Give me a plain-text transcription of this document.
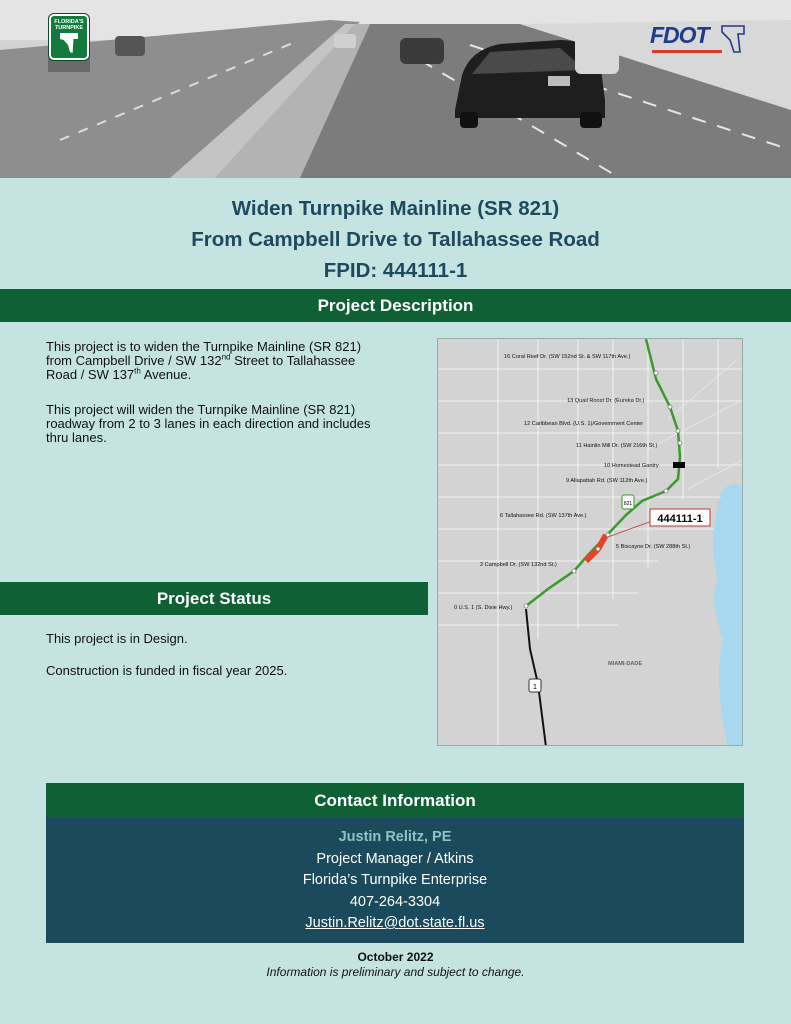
FLORIDA'S TURNPIKE	FDOT
Widen Turnpike Mainline (SR 821)
From Campbell Drive to Tallahassee Road
FPID: 444111-1
Project Description
This project is to widen the Turnpike Mainline (SR 821)
from Campbell Drive / SW 132nd Street to Tallahassee
Road / SW 137th Avenue.
This project will widen the Turnpike Mainline (SR 821)
roadway from 2 to 3 lanes in each direction and includes
thru lanes.
Project Status
This project is in Design.
Construction is funded in fiscal year 2025.
821
1
16 Coral Reef Dr. (SW 152nd St. & SW 117th Ave.)
13 Quail Roost Dr. (Eureka Dr.)
12 Caribbean Blvd. (U.S. 1)/Government Center
11 Hainlin Mill Dr. (SW 216th St.)
10 Homestead Gantry
9 Allapattah Rd. (SW 112th Ave.)
6 Tallahassee Rd. (SW 137th Ave.)
5 Biscayne Dr. (SW 288th St.)
2 Campbell Dr. (SW 132nd St.)
0 U.S. 1 (S. Dixie Hwy.)
MIAMI-DADE
444111-1
Contact Information
Justin Relitz, PE
Project Manager / Atkins
Florida’s Turnpike Enterprise
407-264-3304
Justin.Relitz@dot.state.fl.us
October 2022
Information is preliminary and subject to change.
